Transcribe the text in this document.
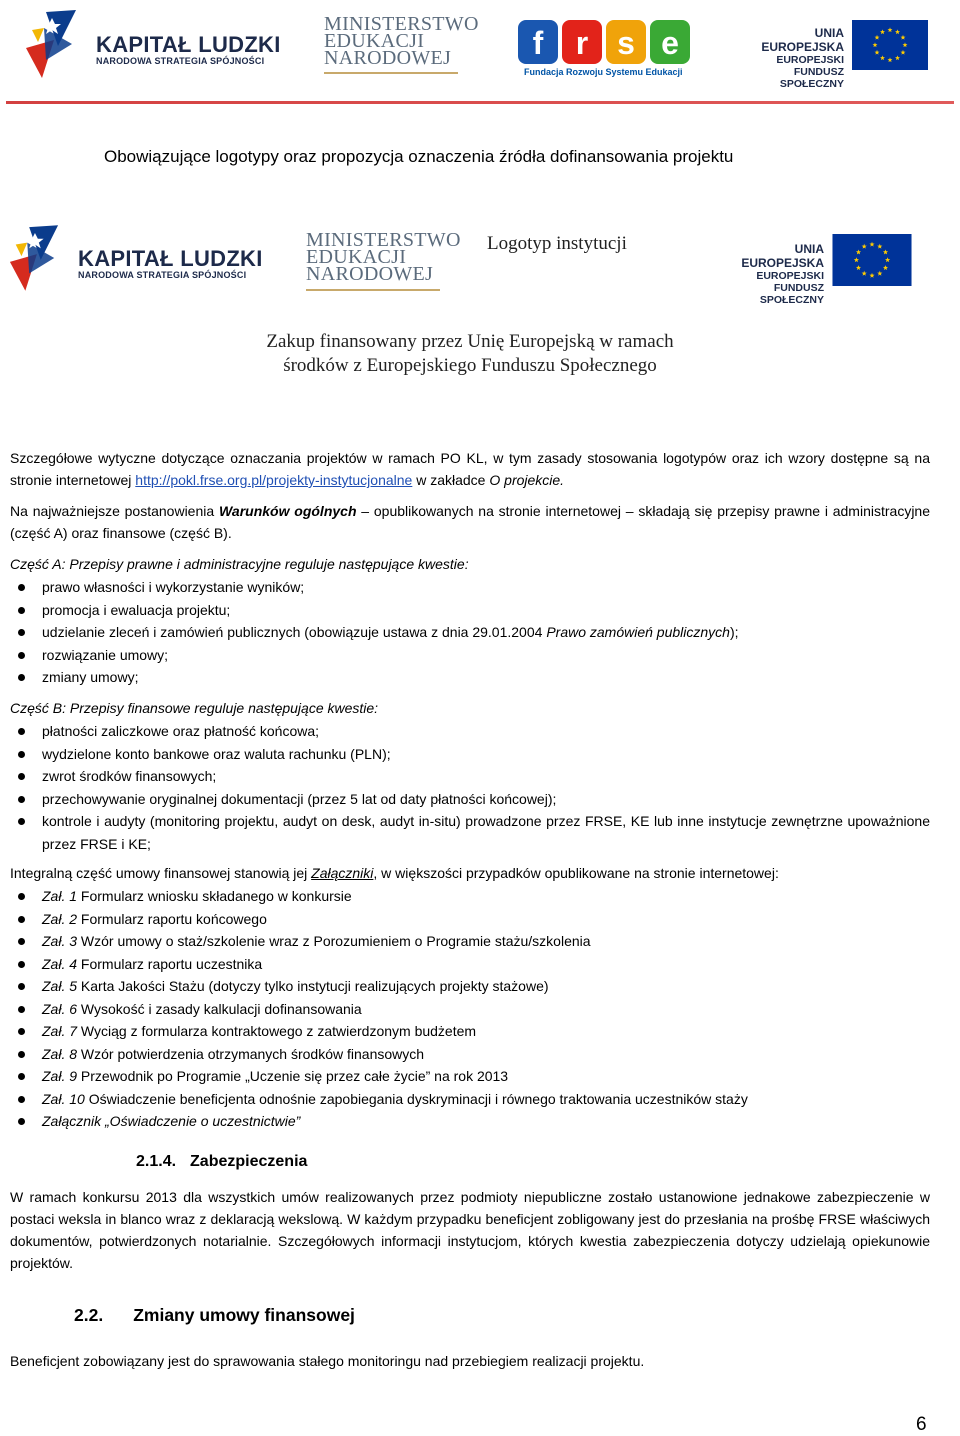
KAPITAŁ LUDZKI
NARODOWA STRATEGIA SPÓJNOŚCI
MINISTERSTWO
EDUKACJI
NARODOWEJ	f r s e
Fundacja Rozwoju Systemu Edukacji
UNIA EUROPEJSKA
EUROPEJSKI
FUNDUSZ SPOŁECZNY
Obowiązujące logotypy oraz propozycja oznaczenia źródła dofinansowania projektu
KAPITAŁ LUDZKI
NARODOWA STRATEGIA SPÓJNOŚCI
MINISTERSTWO
EDUKACJI
NARODOWEJ
Logotyp instytucji	UNIA EUROPEJSKA
EUROPEJSKI
FUNDUSZ SPOŁECZNY
Zakup finansowany przez Unię Europejską w ramach
środków z Europejskiego Funduszu Społecznego
Szczegółowe wytyczne dotyczące oznaczania projektów w ramach PO KL, w tym zasady stosowania logotypów oraz ich wzory dostępne są na stronie internetowej http://pokl.frse.org.pl/projekty-instytucjonalne w zakładce O projekcie.
Na najważniejsze postanowienia Warunków ogólnych – opublikowanych na stronie internetowej – składają się przepisy prawne i administracyjne (część A) oraz finansowe (część B).
Część A: Przepisy prawne i administracyjne reguluje następujące kwestie:
prawo własności i wykorzystanie wyników;
promocja i ewaluacja projektu;
udzielanie zleceń i zamówień publicznych (obowiązuje ustawa z dnia 29.01.2004 Prawo zamówień publicznych);
rozwiązanie umowy;
zmiany umowy;
Część B: Przepisy finansowe reguluje następujące kwestie:
płatności zaliczkowe oraz płatność końcowa;
wydzielone konto bankowe oraz waluta rachunku (PLN);
zwrot środków finansowych;
przechowywanie oryginalnej dokumentacji (przez 5 lat od daty płatności końcowej);
kontrole i audyty (monitoring projektu, audyt on desk, audyt in-situ) prowadzone przez FRSE, KE lub inne instytucje zewnętrzne upoważnione przez FRSE i KE;
Integralną część umowy finansowej stanowią jej Załączniki, w większości przypadków opublikowane na stronie internetowej:
Zał. 1 Formularz wniosku składanego w konkursie
Zał. 2 Formularz raportu końcowego
Zał. 3 Wzór umowy o staż/szkolenie wraz z Porozumieniem o Programie stażu/szkolenia
Zał. 4 Formularz raportu uczestnika
Zał. 5 Karta Jakości Stażu (dotyczy tylko instytucji realizujących projekty stażowe)
Zał. 6 Wysokość i zasady kalkulacji dofinansowania
Zał. 7 Wyciąg z formularza kontraktowego z zatwierdzonym budżetem
Zał. 8 Wzór potwierdzenia otrzymanych środków finansowych
Zał. 9 Przewodnik po Programie „Uczenie się przez całe życie” na rok 2013
Zał. 10 Oświadczenie beneficjenta odnośnie zapobiegania dyskryminacji i równego traktowania uczestników staży
Załącznik „Oświadczenie o uczestnictwie”
2.1.4. Zabezpieczenia
W ramach konkursu 2013 dla wszystkich umów realizowanych przez podmioty niepubliczne zostało ustanowione jednakowe zabezpieczenie w postaci weksla in blanco wraz z deklaracją wekslową. W każdym przypadku beneficjent zobligowany jest do przesłania na prośbę FRSE właściwych dokumentów, potwierdzonych notarialnie. Szczegółowych informacji instytucjom, których kwestia zabezpieczenia dotyczy udzielają opiekunowie projektów.
2.2. Zmiany umowy finansowej
Beneficjent zobowiązany jest do sprawowania stałego monitoringu nad przebiegiem realizacji projektu.
6
